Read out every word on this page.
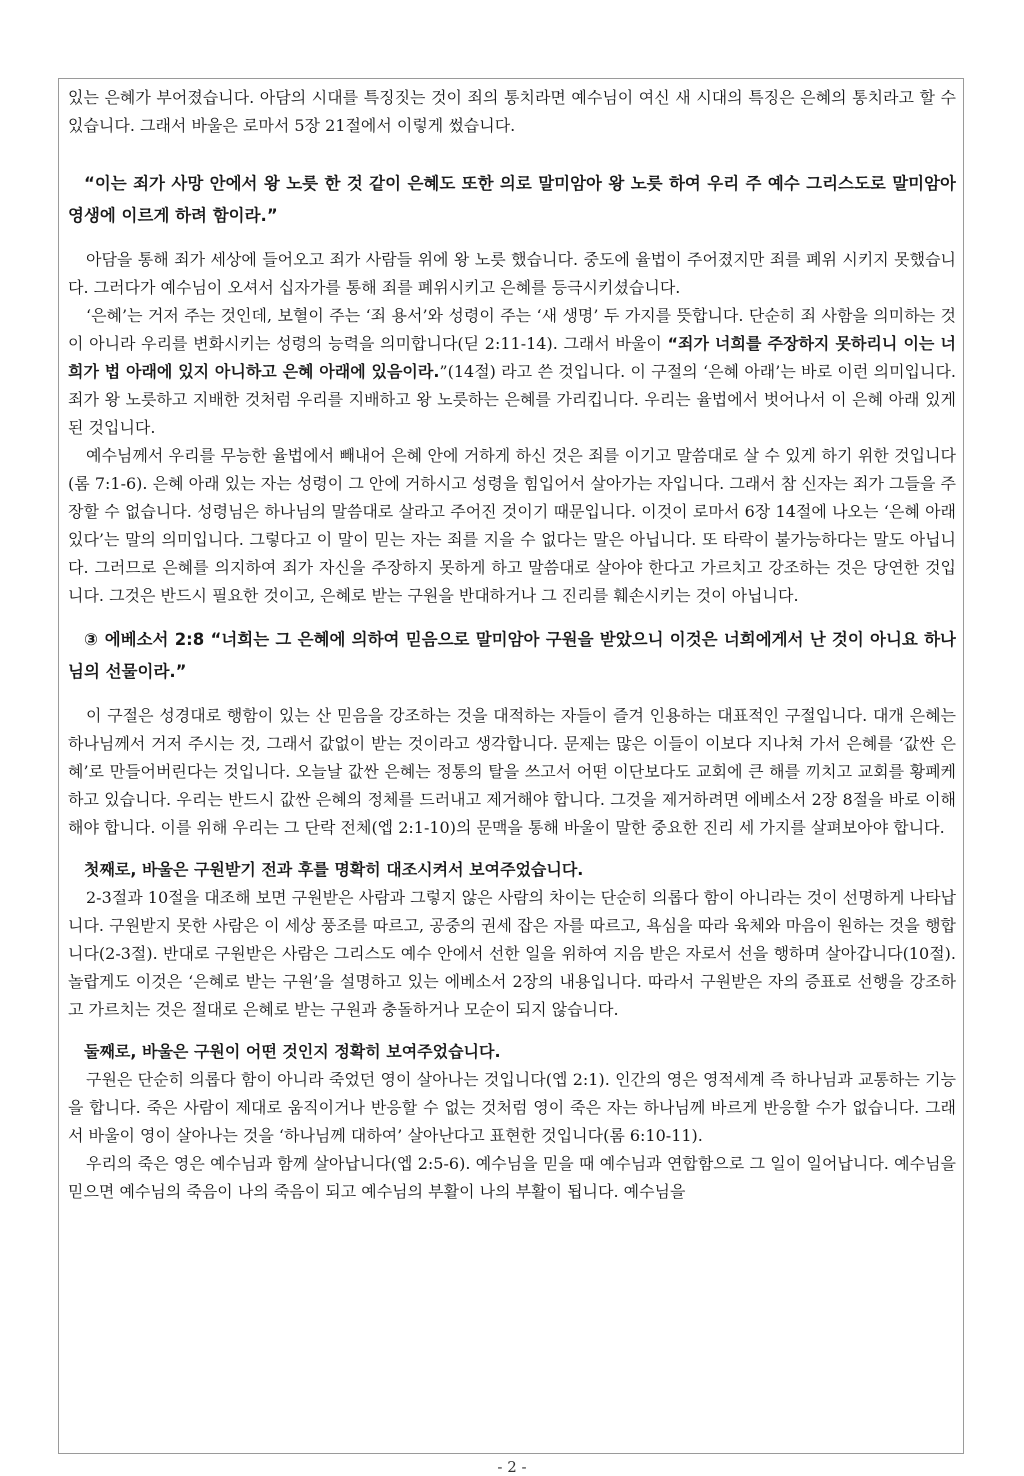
있는 은혜가 부어졌습니다. 아담의 시대를 특징짓는 것이 죄의 통치라면 예수님이 여신 새 시대의 특징은 은혜의 통치라고 할 수 있습니다. 그래서 바울은 로마서 5장 21절에서 이렇게 썼습니다.

“이는 죄가 사망 안에서 왕 노릇 한 것 같이 은혜도 또한 의로 말미암아 왕 노릇 하여 우리 주 예수 그리스도로 말미암아 영생에 이르게 하려 함이라.”

아담을 통해 죄가 세상에 들어오고 죄가 사람들 위에 왕 노릇 했습니다. 중도에 율법이 주어졌지만 죄를 폐위 시키지 못했습니다. 그러다가 예수님이 오셔서 십자가를 통해 죄를 폐위시키고 은혜를 등극시키셨습니다.

‘은혜’는 거저 주는 것인데, 보혈이 주는 ‘죄 용서’와 성령이 주는 ‘새 생명’ 두 가지를 뜻합니다. 단순히 죄 사함을 의미하는 것이 아니라 우리를 변화시키는 성령의 능력을 의미합니다(딛 2:11-14). 그래서 바울이 “죄가 너희를 주장하지 못하리니 이는 너희가 법 아래에 있지 아니하고 은혜 아래에 있음이라.”(14절) 라고 쓴 것입니다. 이 구절의 ‘은혜 아래’는 바로 이런 의미입니다. 죄가 왕 노릇하고 지배한 것처럼 우리를 지배하고 왕 노릇하는 은혜를 가리킵니다. 우리는 율법에서 벗어나서 이 은혜 아래 있게 된 것입니다.

예수님께서 우리를 무능한 율법에서 빼내어 은혜 안에 거하게 하신 것은 죄를 이기고 말씀대로 살 수 있게 하기 위한 것입니다(롬 7:1-6). 은혜 아래 있는 자는 성령이 그 안에 거하시고 성령을 힘입어서 살아가는 자입니다. 그래서 참 신자는 죄가 그들을 주장할 수 없습니다. 성령님은 하나님의 말씀대로 살라고 주어진 것이기 때문입니다. 이것이 로마서 6장 14절에 나오는 ‘은혜 아래 있다’는 말의 의미입니다. 그렇다고 이 말이 믿는 자는 죄를 지을 수 없다는 말은 아닙니다. 또 타락이 불가능하다는 말도 아닙니다. 그러므로 은혜를 의지하여 죄가 자신을 주장하지 못하게 하고 말씀대로 살아야 한다고 가르치고 강조하는 것은 당연한 것입니다. 그것은 반드시 필요한 것이고, 은혜로 받는 구원을 반대하거나 그 진리를 훼손시키는 것이 아닙니다.

③ 에베소서 2:8 “너희는 그 은혜에 의하여 믿음으로 말미암아 구원을 받았으니 이것은 너희에게서 난 것이 아니요 하나님의 선물이라.”

이 구절은 성경대로 행함이 있는 산 믿음을 강조하는 것을 대적하는 자들이 즐겨 인용하는 대표적인 구절입니다. 대개 은혜는 하나님께서 거저 주시는 것, 그래서 값없이 받는 것이라고 생각합니다. 문제는 많은 이들이 이보다 지나쳐 가서 은혜를 ‘값싼 은혜’로 만들어버린다는 것입니다. 오늘날 값싼 은혜는 정통의 탈을 쓰고서 어떤 이단보다도 교회에 큰 해를 끼치고 교회를 황폐케 하고 있습니다. 우리는 반드시 값싼 은혜의 정체를 드러내고 제거해야 합니다. 그것을 제거하려면 에베소서 2장 8절을 바로 이해해야 합니다. 이를 위해 우리는 그 단락 전체(엡 2:1-10)의 문맥을 통해 바울이 말한 중요한 진리 세 가지를 살펴보아야 합니다.

첫째로, 바울은 구원받기 전과 후를 명확히 대조시켜서 보여주었습니다.

2-3절과 10절을 대조해 보면 구원받은 사람과 그렇지 않은 사람의 차이는 단순히 의롭다 함이 아니라는 것이 선명하게 나타납니다. 구원받지 못한 사람은 이 세상 풍조를 따르고, 공중의 권세 잡은 자를 따르고, 욕심을 따라 육체와 마음이 원하는 것을 행합니다(2-3절). 반대로 구원받은 사람은 그리스도 예수 안에서 선한 일을 위하여 지음 받은 자로서 선을 행하며 살아갑니다(10절). 놀랍게도 이것은 ‘은혜로 받는 구원’을 설명하고 있는 에베소서 2장의 내용입니다. 따라서 구원받은 자의 증표로 선행을 강조하고 가르치는 것은 절대로 은혜로 받는 구원과 충돌하거나 모순이 되지 않습니다.

둘째로, 바울은 구원이 어떤 것인지 정확히 보여주었습니다.

구원은 단순히 의롭다 함이 아니라 죽었던 영이 살아나는 것입니다(엡 2:1). 인간의 영은 영적세계 즉 하나님과 교통하는 기능을 합니다. 죽은 사람이 제대로 움직이거나 반응할 수 없는 것처럼 영이 죽은 자는 하나님께 바르게 반응할 수가 없습니다. 그래서 바울이 영이 살아나는 것을 ‘하나님께 대하여’ 살아난다고 표현한 것입니다(롬 6:10-11).

우리의 죽은 영은 예수님과 함께 살아납니다(엡 2:5-6). 예수님을 믿을 때 예수님과 연합함으로 그 일이 일어납니다. 예수님을 믿으면 예수님의 죽음이 나의 죽음이 되고 예수님의 부활이 나의 부활이 됩니다. 예수님을

- 2 -
